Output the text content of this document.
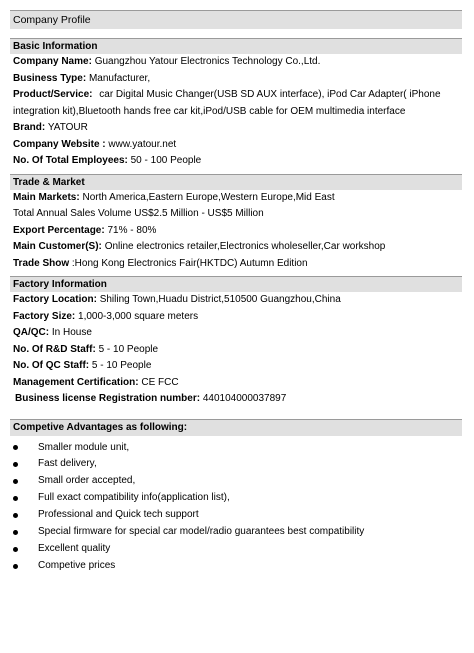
Company Profile
Basic Information
Company Name: Guangzhou Yatour Electronics Technology Co.,Ltd.
Business Type: Manufacturer,
Product/Service: car Digital Music Changer(USB SD AUX interface), iPod Car Adapter( iPhone
integration kit),Bluetooth hands free car kit,iPod/USB cable for OEM multimedia interface
Brand: YATOUR
Company Website : www.yatour.net
No. Of Total Employees: 50 - 100 People
Trade & Market
Main Markets: North America,Eastern Europe,Western Europe,Mid East
Total Annual Sales Volume US$2.5 Million - US$5 Million
Export Percentage: 71% - 80%
Main Customer(S): Online electronics retailer,Electronics wholeseller,Car workshop
Trade Show :Hong Kong Electronics Fair(HKTDC) Autumn Edition
Factory Information
Factory Location: Shiling Town,Huadu District,510500 Guangzhou,China
Factory Size: 1,000-3,000 square meters
QA/QC: In House
No. Of R&D Staff: 5 - 10 People
No. Of QC Staff: 5 - 10 People
Management Certification: CE FCC
Business license Registration number: 440104000037897
Competive Advantages as following:
Smaller module unit,
Fast delivery,
Small order accepted,
Full exact compatibility info(application list),
Professional and Quick tech support
Special firmware for special car model/radio guarantees best compatibility
Excellent quality
Competive prices
